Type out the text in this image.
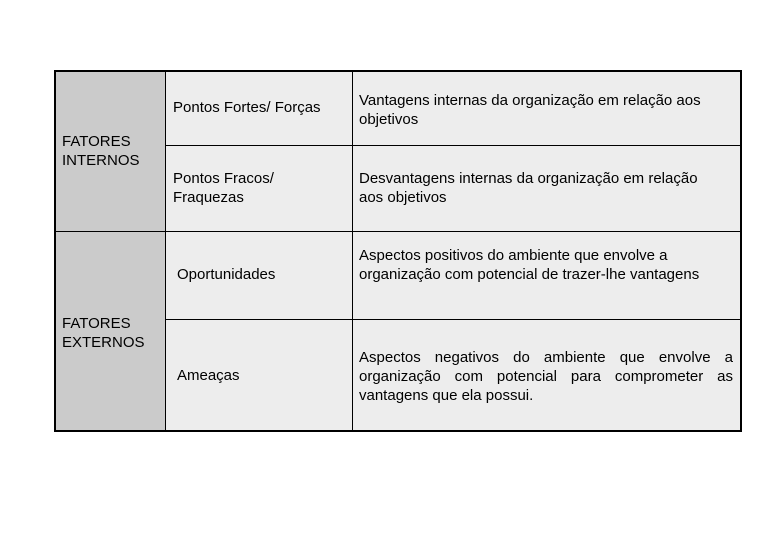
FATORES INTERNOS
FATORES EXTERNOS
Pontos Fortes/ Forças	Vantagens internas da organização em relação aos objetivos
Pontos Fracos/ Fraquezas
Desvantagens internas da organização em relação aos objetivos
Oportunidades
Aspectos positivos do ambiente que envolve a organização com potencial de trazer-lhe vantagens
Ameaças
Aspectos negativos do ambiente que envolve a organização com potencial para comprometer as vantagens que ela possui.
